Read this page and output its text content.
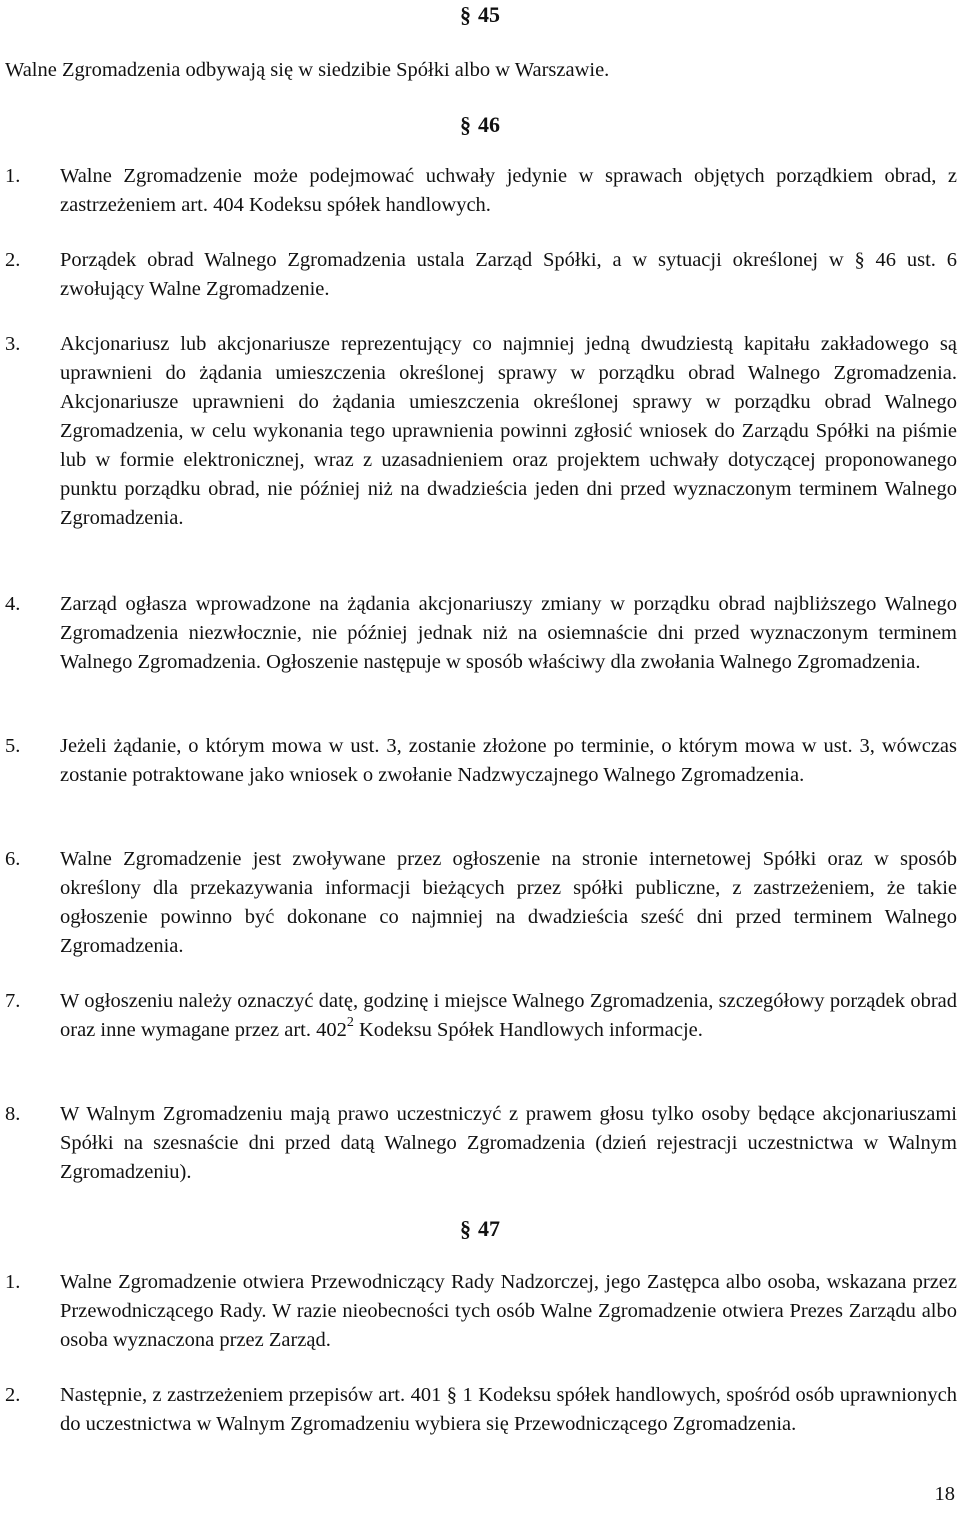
§ 45
Walne Zgromadzenia odbywają się w siedzibie Spółki albo w Warszawie.
§ 46
1. Walne Zgromadzenie może podejmować uchwały jedynie w sprawach objętych porządkiem obrad, z zastrzeżeniem art. 404 Kodeksu spółek handlowych.
2. Porządek obrad Walnego Zgromadzenia ustala Zarząd Spółki, a w sytuacji określonej w § 46 ust. 6 zwołujący Walne Zgromadzenie.
3. Akcjonariusz lub akcjonariusze reprezentujący co najmniej jedną dwudziestą kapitału zakładowego są uprawnieni do żądania umieszczenia określonej sprawy w porządku obrad Walnego Zgromadzenia. Akcjonariusze uprawnieni do żądania umieszczenia określonej sprawy w porządku obrad Walnego Zgromadzenia, w celu wykonania tego uprawnienia powinni zgłosić wniosek do Zarządu Spółki na piśmie lub w formie elektronicznej, wraz z uzasadnieniem oraz projektem uchwały dotyczącej proponowanego punktu porządku obrad, nie później niż na dwadzieścia jeden dni przed wyznaczonym terminem Walnego Zgromadzenia.
4. Zarząd ogłasza wprowadzone na żądania akcjonariuszy zmiany w porządku obrad najbliższego Walnego Zgromadzenia niezwłocznie, nie później jednak niż na osiemnaście dni przed wyznaczonym terminem Walnego Zgromadzenia. Ogłoszenie następuje w sposób właściwy dla zwołania Walnego Zgromadzenia.
5. Jeżeli żądanie, o którym mowa w ust. 3, zostanie złożone po terminie, o którym mowa w ust. 3, wówczas zostanie potraktowane jako wniosek o zwołanie Nadzwyczajnego Walnego Zgromadzenia.
6. Walne Zgromadzenie jest zwoływane przez ogłoszenie na stronie internetowej Spółki oraz w sposób określony dla przekazywania informacji bieżących przez spółki publiczne, z zastrzeżeniem, że takie ogłoszenie powinno być dokonane co najmniej na dwadzieścia sześć dni przed terminem Walnego Zgromadzenia.
7. W ogłoszeniu należy oznaczyć datę, godzinę i miejsce Walnego Zgromadzenia, szczegółowy porządek obrad oraz inne wymagane przez art. $402^2$ Kodeksu Spółek Handlowych informacje.
8. W Walnym Zgromadzeniu mają prawo uczestniczyć z prawem głosu tylko osoby będące akcjonariuszami Spółki na szesnaście dni przed datą Walnego Zgromadzenia (dzień rejestracji uczestnictwa w Walnym Zgromadzeniu).
§ 47
1. Walne Zgromadzenie otwiera Przewodniczący Rady Nadzorczej, jego Zastępca albo osoba, wskazana przez Przewodniczącego Rady. W razie nieobecności tych osób Walne Zgromadzenie otwiera Prezes Zarządu albo osoba wyznaczona przez Zarząd.
2. Następnie, z zastrzeżeniem przepisów art. 401 § 1 Kodeksu spółek handlowych, spośród osób uprawnionych do uczestnictwa w Walnym Zgromadzeniu wybiera się Przewodniczącego Zgromadzenia.
18
